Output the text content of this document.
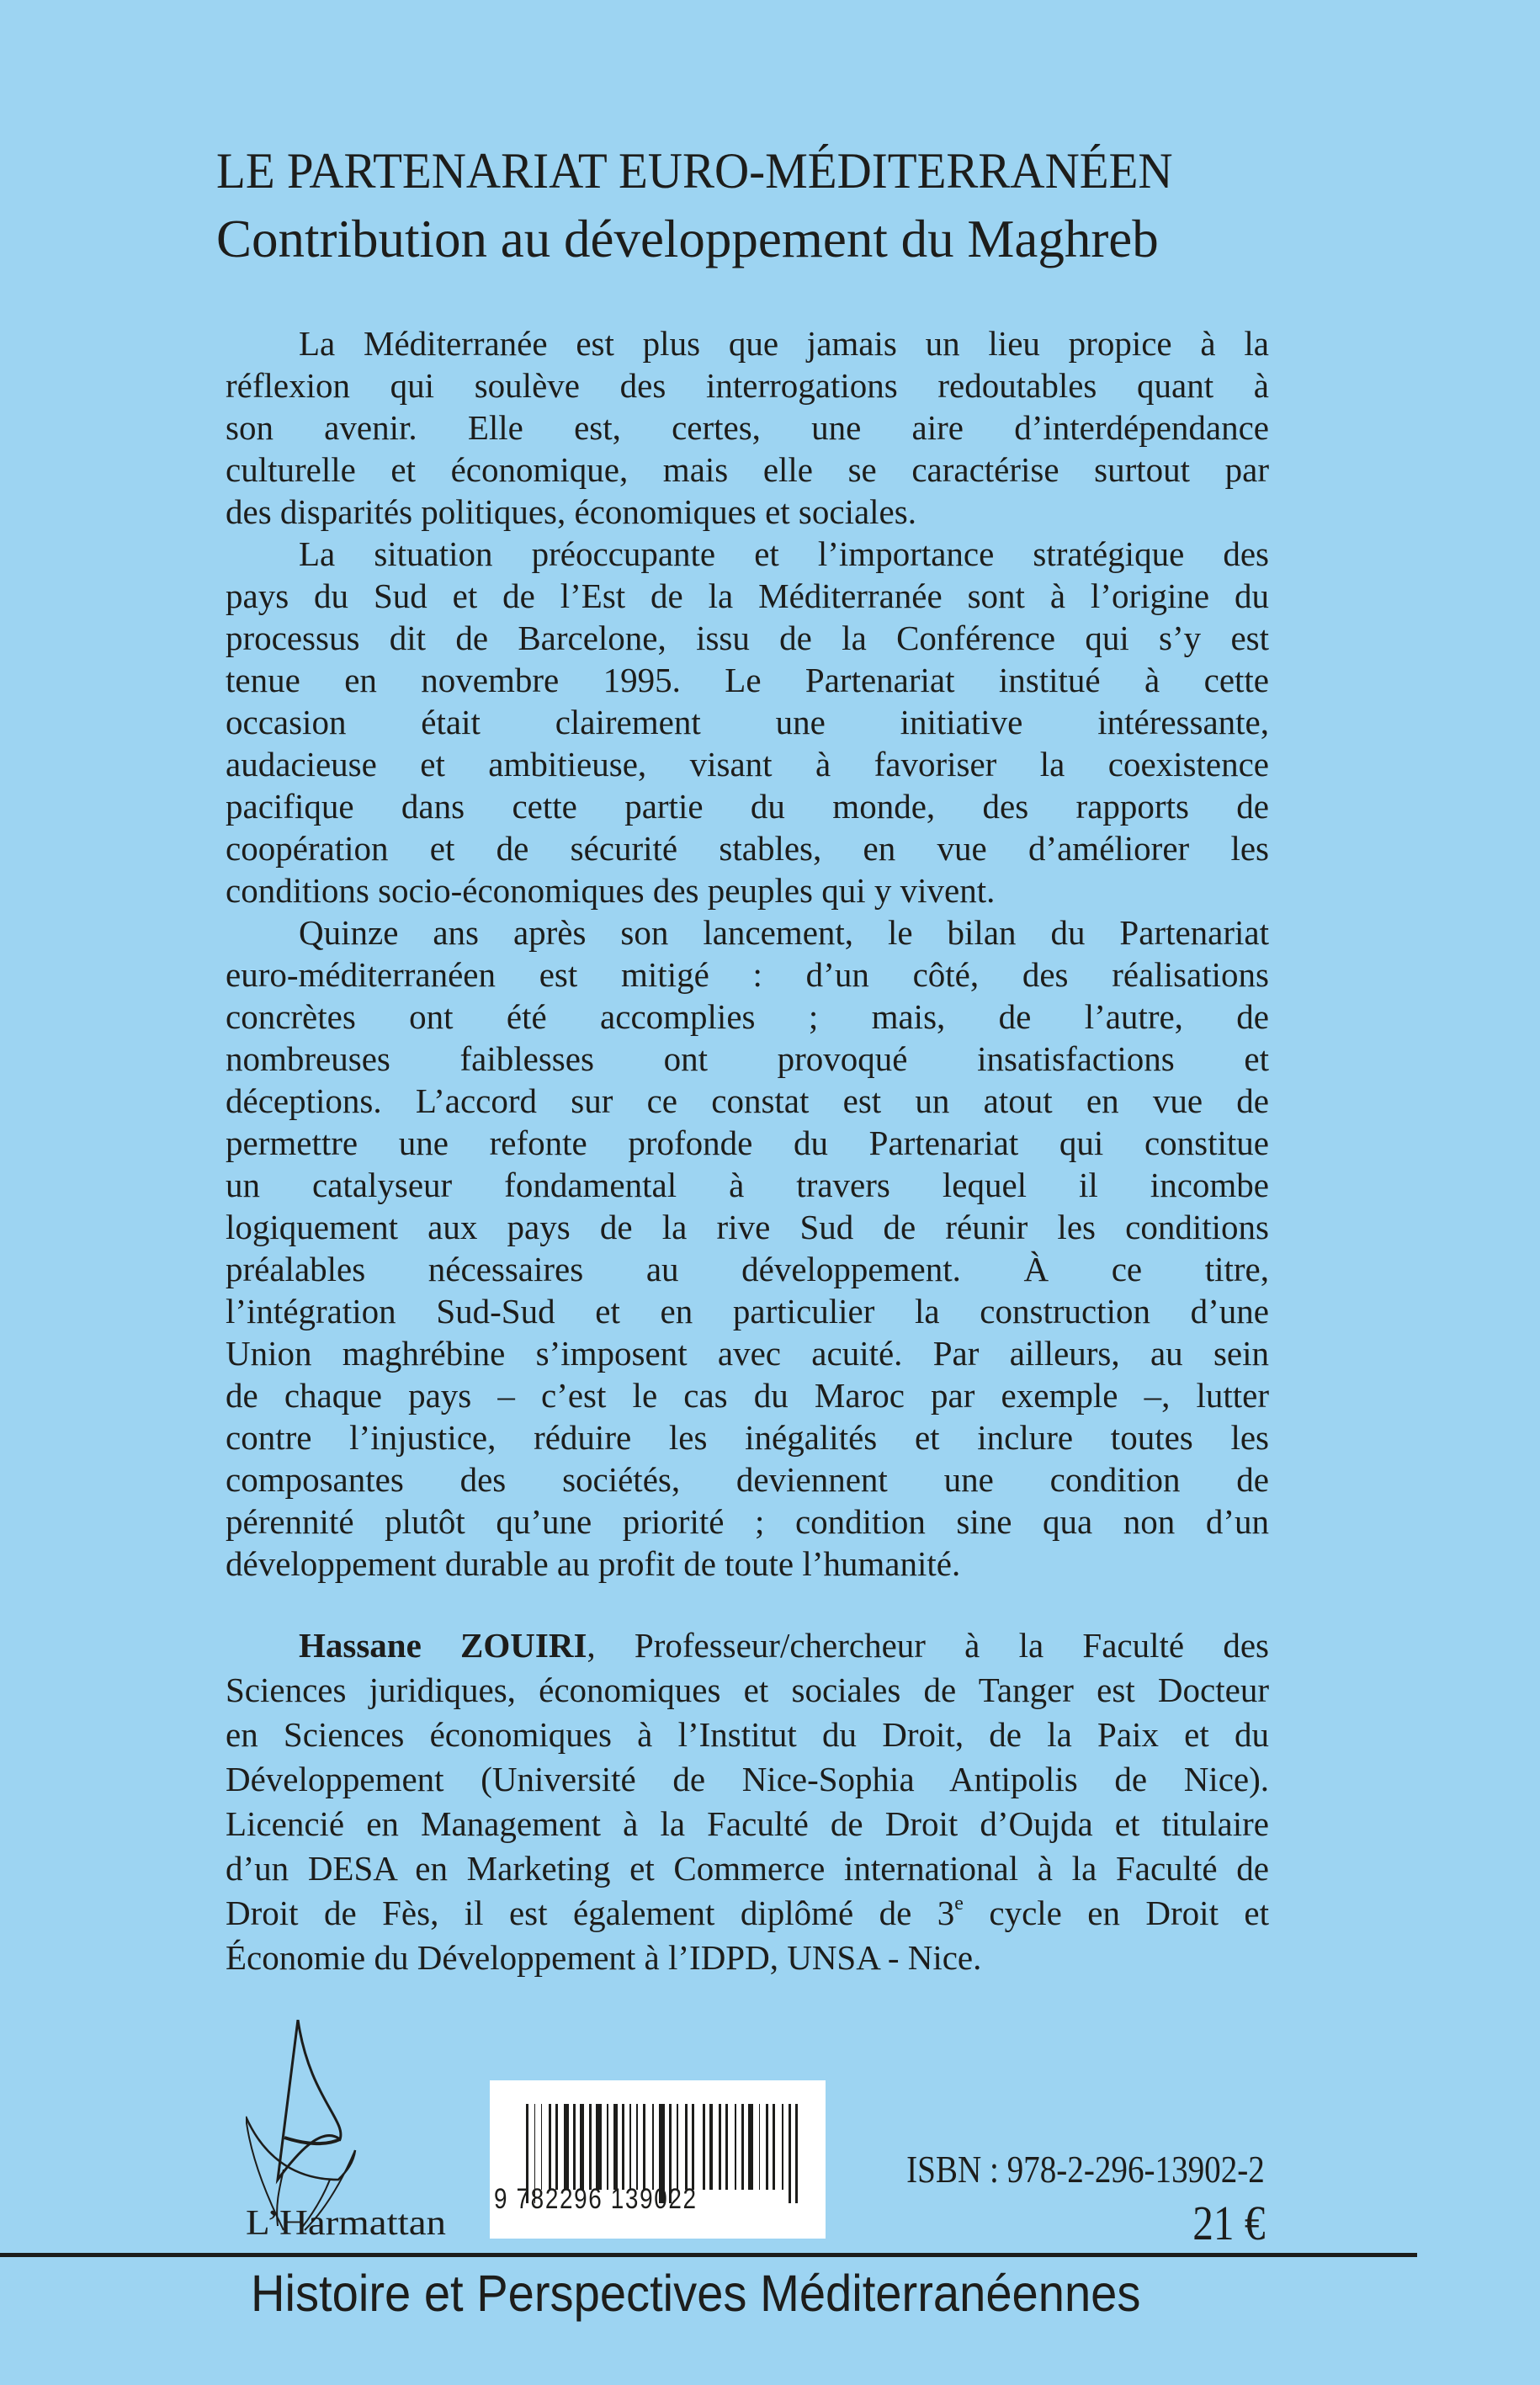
LE PARTENARIAT EURO-MÉDITERRANÉEN
Contribution au développement du Maghreb
La Méditerranée est plus que jamais un lieu propice à la
réflexion qui soulève des interrogations redoutables quant à
son avenir. Elle est, certes, une aire d’interdépendance
culturelle et économique, mais elle se caractérise surtout par
des disparités politiques, économiques et sociales.
La situation préoccupante et l’importance stratégique des
pays du Sud et de l’Est de la Méditerranée sont à l’origine du
processus dit de Barcelone, issu de la Conférence qui s’y est
tenue en novembre 1995. Le Partenariat institué à cette
occasion était clairement une initiative intéressante,
audacieuse et ambitieuse, visant à favoriser la coexistence
pacifique dans cette partie du monde, des rapports de
coopération et de sécurité stables, en vue d’améliorer les
conditions socio-économiques des peuples qui y vivent.
Quinze ans après son lancement, le bilan du Partenariat
euro-méditerranéen est mitigé : d’un côté, des réalisations
concrètes ont été accomplies ; mais, de l’autre, de
nombreuses faiblesses ont provoqué insatisfactions et
déceptions. L’accord sur ce constat est un atout en vue de
permettre une refonte profonde du Partenariat qui constitue
un catalyseur fondamental à travers lequel il incombe
logiquement aux pays de la rive Sud de réunir les conditions
préalables nécessaires au développement. À ce titre,
l’intégration Sud-Sud et en particulier la construction d’une
Union maghrébine s’imposent avec acuité. Par ailleurs, au sein
de chaque pays – c’est le cas du Maroc par exemple –, lutter
contre l’injustice, réduire les inégalités et inclure toutes les
composantes des sociétés, deviennent une condition de
pérennité plutôt qu’une priorité ; condition sine qua non d’un
développement durable au profit de toute l’humanité.
Hassane ZOUIRI, Professeur/chercheur à la Faculté des
Sciences juridiques, économiques et sociales de Tanger est Docteur
en Sciences économiques à l’Institut du Droit, de la Paix et du
Développement (Université de Nice-Sophia Antipolis de Nice).
Licencié en Management à la Faculté de Droit d’Oujda et titulaire
d’un DESA en Marketing et Commerce international à la Faculté de
Droit de Fès, il est également diplômé de 3e cycle en Droit et
Économie du Développement à l’IDPD, UNSA - Nice.
L’Harmattan
9 782296 139022
ISBN : 978-2-296-13902-2
21 €
Histoire et Perspectives Méditerranéennes
